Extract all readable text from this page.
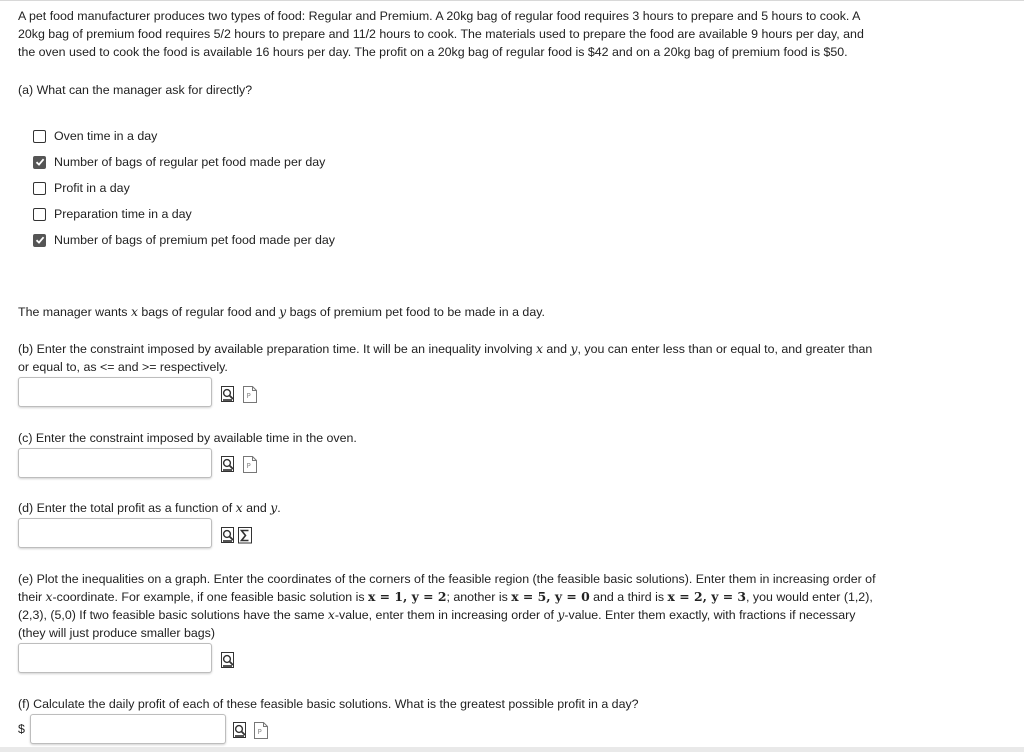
A pet food manufacturer produces two types of food: Regular and Premium. A 20kg bag of regular food requires 3 hours to prepare and 5 hours to cook. A
20kg bag of premium food requires 5/2 hours to prepare and 11/2 hours to cook. The materials used to prepare the food are available 9 hours per day, and
the oven used to cook the food is available 16 hours per day. The profit on a 20kg bag of regular food is $42 and on a 20kg bag of premium food is $50.
(a) What can the manager ask for directly?
Oven time in a day
Number of bags of regular pet food made per day
Profit in a day
Preparation time in a day
Number of bags of premium pet food made per day
The manager wants x bags of regular food and y bags of premium pet food to be made in a day.
(b) Enter the constraint imposed by available preparation time. It will be an inequality involving x and y, you can enter less than or equal to, and greater than
or equal to, as <= and >= respectively.
P
(c) Enter the constraint imposed by available time in the oven.
P
(d) Enter the total profit as a function of x and y.
(e) Plot the inequalities on a graph. Enter the coordinates of the corners of the feasible region (the feasible basic solutions). Enter them in increasing order of
their x-coordinate. For example, if one feasible basic solution is x = 1, y = 2; another is x = 5, y = 0 and a third is x = 2, y = 3, you would enter (1,2),
(2,3), (5,0) If two feasible basic solutions have the same x-value, enter them in increasing order of y-value. Enter them exactly, with fractions if necessary
(they will just produce smaller bags)
(f) Calculate the daily profit of each of these feasible basic solutions. What is the greatest possible profit in a day?
$	P
